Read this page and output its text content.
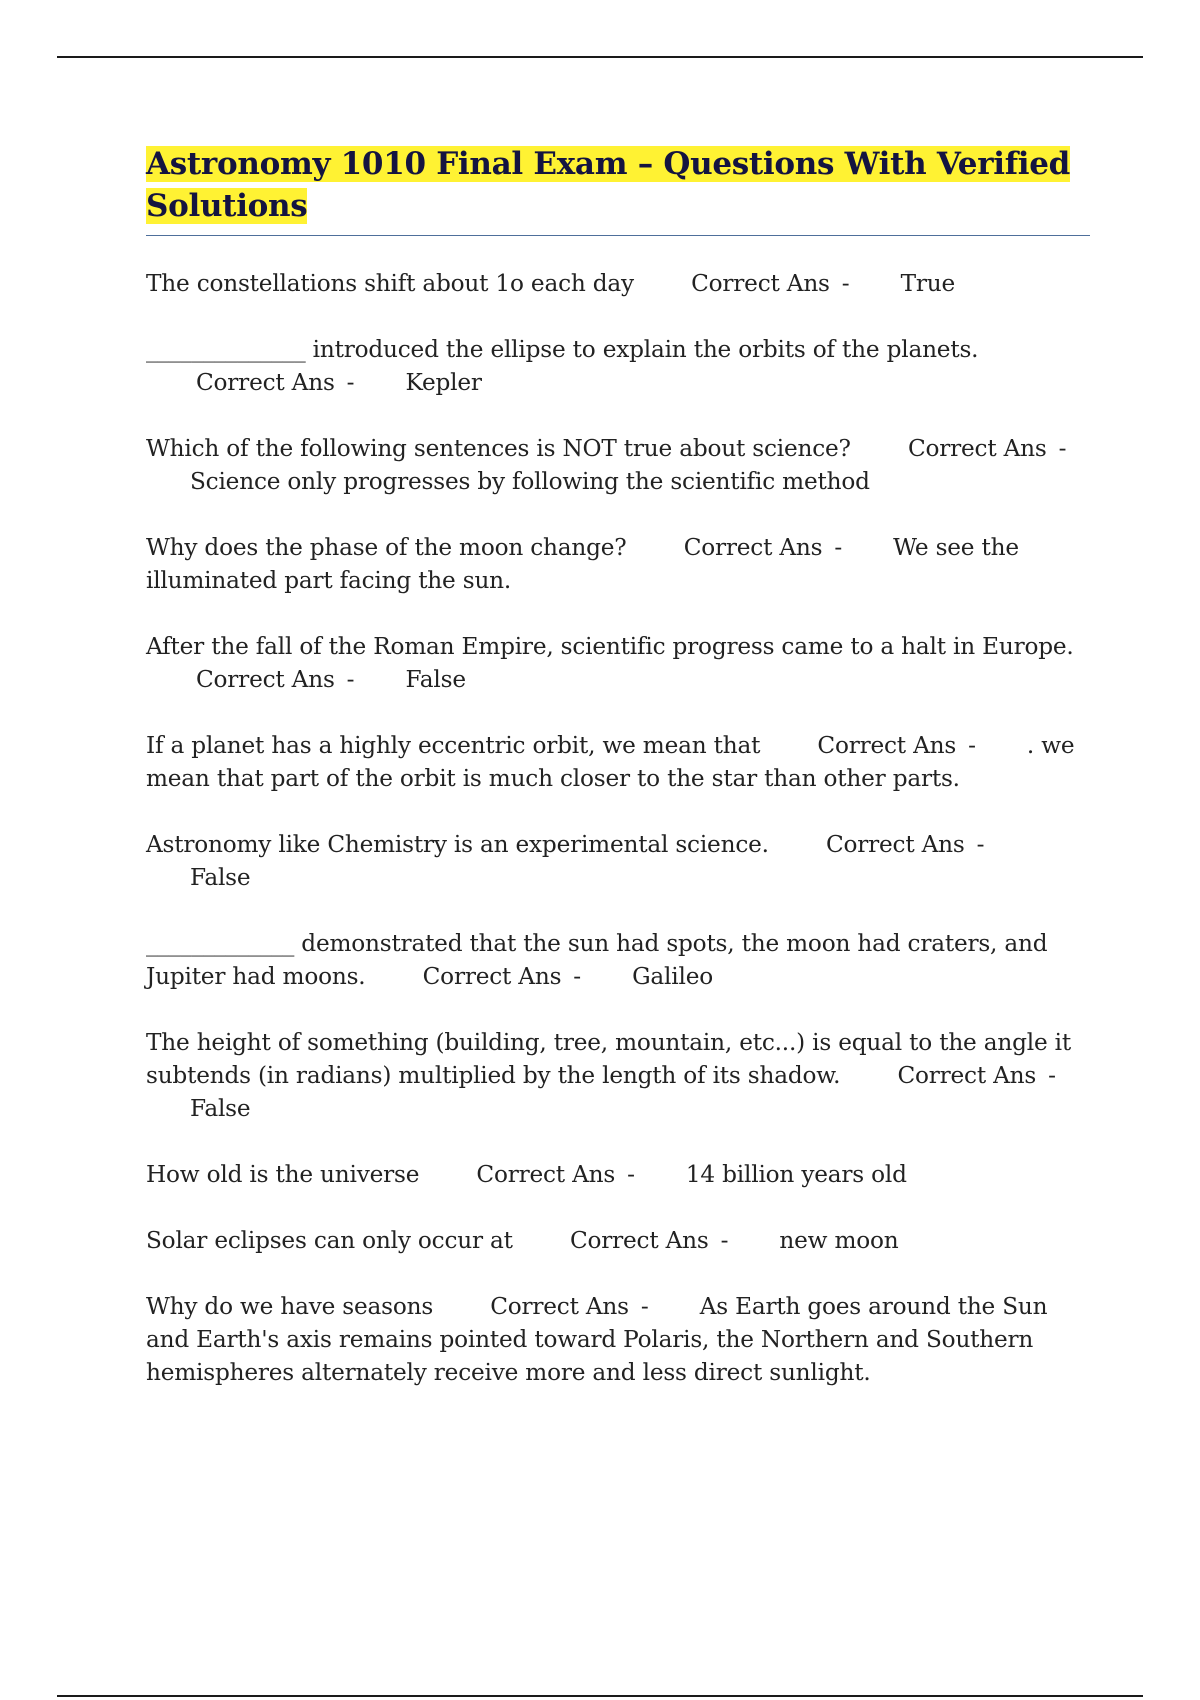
Astronomy 1010 Final Exam – Questions With Verified Solutions

The constellations shift about 1o each day Correct Ans - True

______________ introduced the ellipse to explain the orbits of the planets. Correct Ans - Kepler

Which of the following sentences is NOT true about science? Correct Ans - Science only progresses by following the scientific method

Why does the phase of the moon change? Correct Ans - We see the illuminated part facing the sun.

After the fall of the Roman Empire, scientific progress came to a halt in Europe. Correct Ans - False

If a planet has a highly eccentric orbit, we mean that Correct Ans - . we mean that part of the orbit is much closer to the star than other parts.

Astronomy like Chemistry is an experimental science. Correct Ans - False

_____________ demonstrated that the sun had spots, the moon had craters, and Jupiter had moons. Correct Ans - Galileo

The height of something (building, tree, mountain, etc...) is equal to the angle it subtends (in radians) multiplied by the length of its shadow. Correct Ans - False

How old is the universe Correct Ans - 14 billion years old

Solar eclipses can only occur at Correct Ans - new moon

Why do we have seasons Correct Ans - As Earth goes around the Sun and Earth's axis remains pointed toward Polaris, the Northern and Southern hemispheres alternately receive more and less direct sunlight.
